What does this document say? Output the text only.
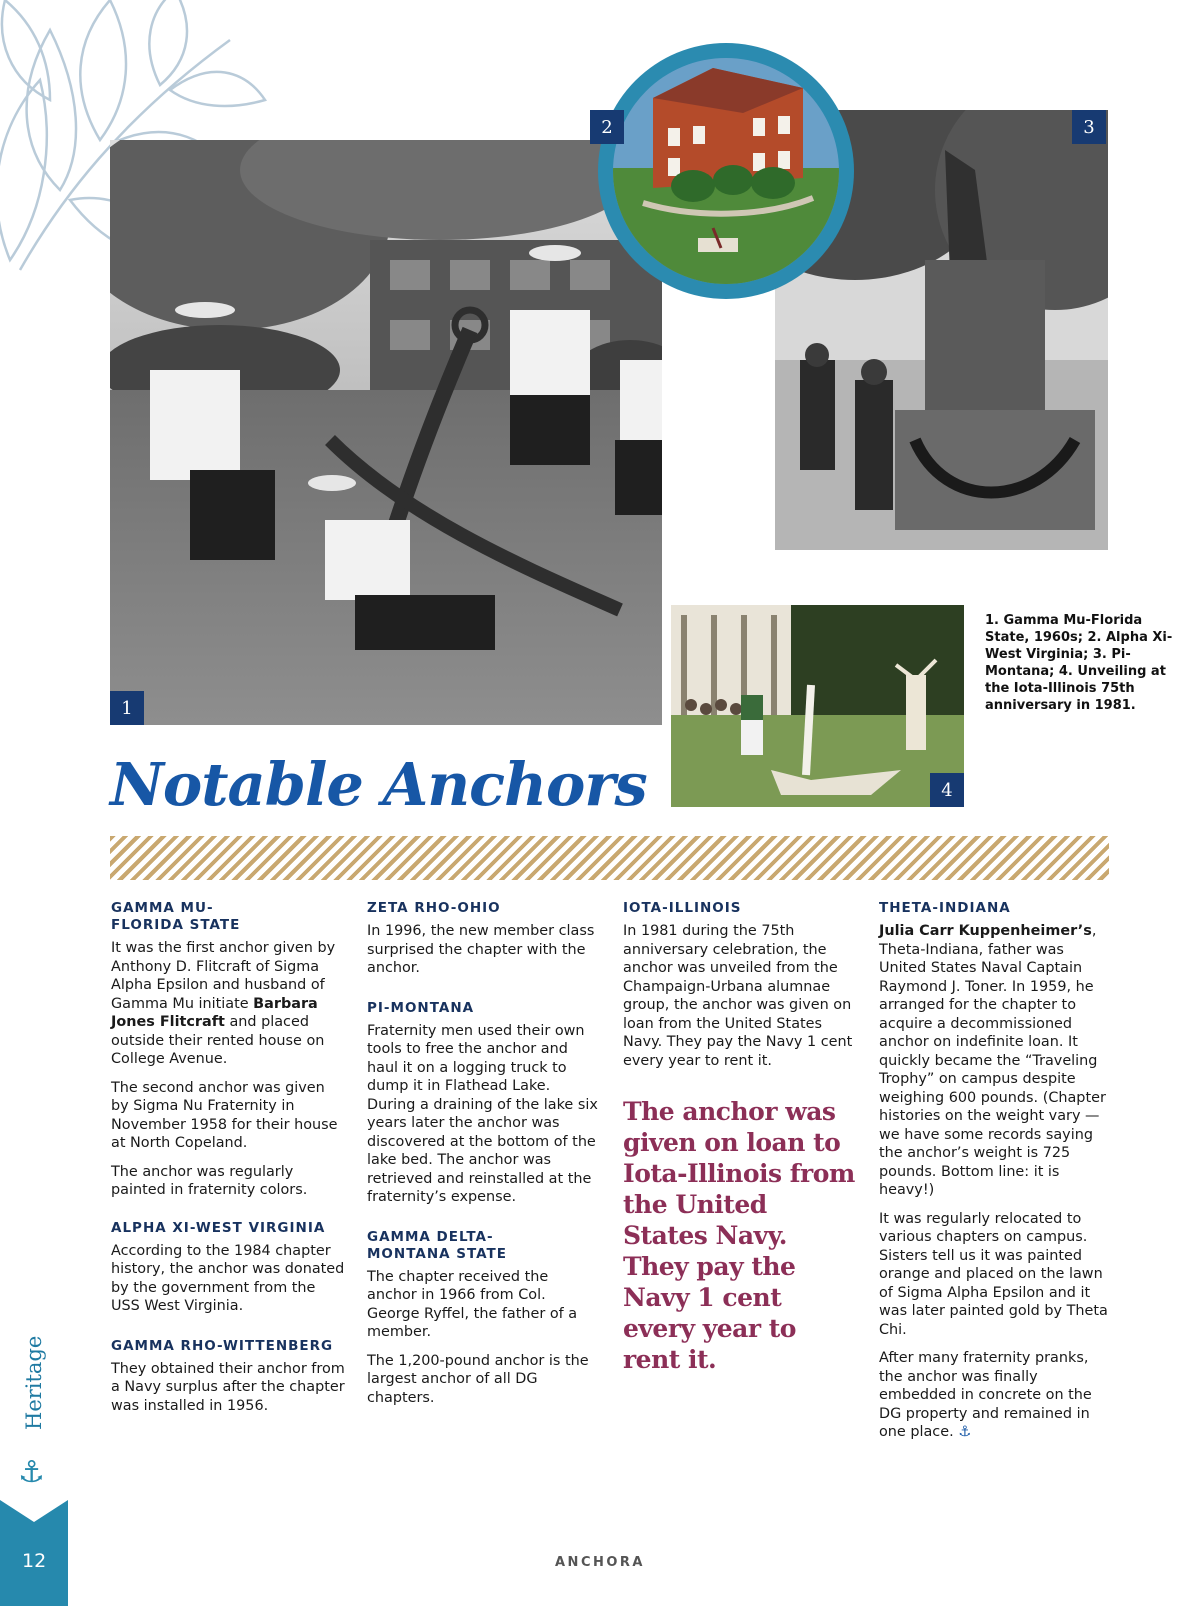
1
3
4
2
1. Gamma Mu-Florida State, 1960s; 2. Alpha Xi-West Virginia; 3. Pi-Montana; 4. Unveiling at the Iota-Illinois 75th anniversary in 1981.
Notable Anchors
GAMMA MU-
FLORIDA STATE

It was the first anchor given by Anthony D. Flitcraft of Sigma Alpha Epsilon and husband of Gamma Mu initiate Barbara Jones Flitcraft and placed outside their rented house on College Avenue.

The second anchor was given by Sigma Nu Fraternity in November 1958 for their house at North Copeland.

The anchor was regularly painted in fraternity colors.

ALPHA XI-WEST VIRGINIA

According to the 1984 chapter history, the anchor was donated by the government from the USS West Virginia.

GAMMA RHO-WITTENBERG

They obtained their anchor from a Navy surplus after the chapter was installed in 1956.

ZETA RHO-OHIO

In 1996, the new member class surprised the chapter with the anchor.

PI-MONTANA

Fraternity men used their own tools to free the anchor and haul it on a logging truck to dump it in Flathead Lake. During a draining of the lake six years later the anchor was discovered at the bottom of the lake bed. The anchor was retrieved and reinstalled at the fraternity’s expense.

GAMMA DELTA-
MONTANA STATE

The chapter received the anchor in 1966 from Col. George Ryffel, the father of a member.

The 1,200-pound anchor is the largest anchor of all DG chapters.

IOTA-ILLINOIS

In 1981 during the 75th anniversary celebration, the anchor was unveiled from the Champaign-Urbana alumnae group, the anchor was given on loan from the United States Navy. They pay the Navy 1 cent every year to rent it.

The anchor was given on loan to Iota-Illinois from the United States Navy. They pay the Navy 1 cent every year to rent it.
THETA-INDIANA

Julia Carr Kuppenheimer’s, Theta-Indiana, father was United States Naval Captain Raymond J. Toner. In 1959, he arranged for the chapter to acquire a decommissioned anchor on indefinite loan. It quickly became the “Traveling Trophy” on campus despite weighing 600 pounds. (Chapter histories on the weight vary — we have some records saying the anchor’s weight is 725 pounds. Bottom line: it is heavy!)

It was regularly relocated to various chapters on campus. Sisters tell us it was painted orange and placed on the lawn of Sigma Alpha Epsilon and it was later painted gold by Theta Chi.

After many fraternity pranks, the anchor was finally embedded in concrete on the DG property and remained in one place. ⚓

Heritage
⚓
12	ANCHORA
